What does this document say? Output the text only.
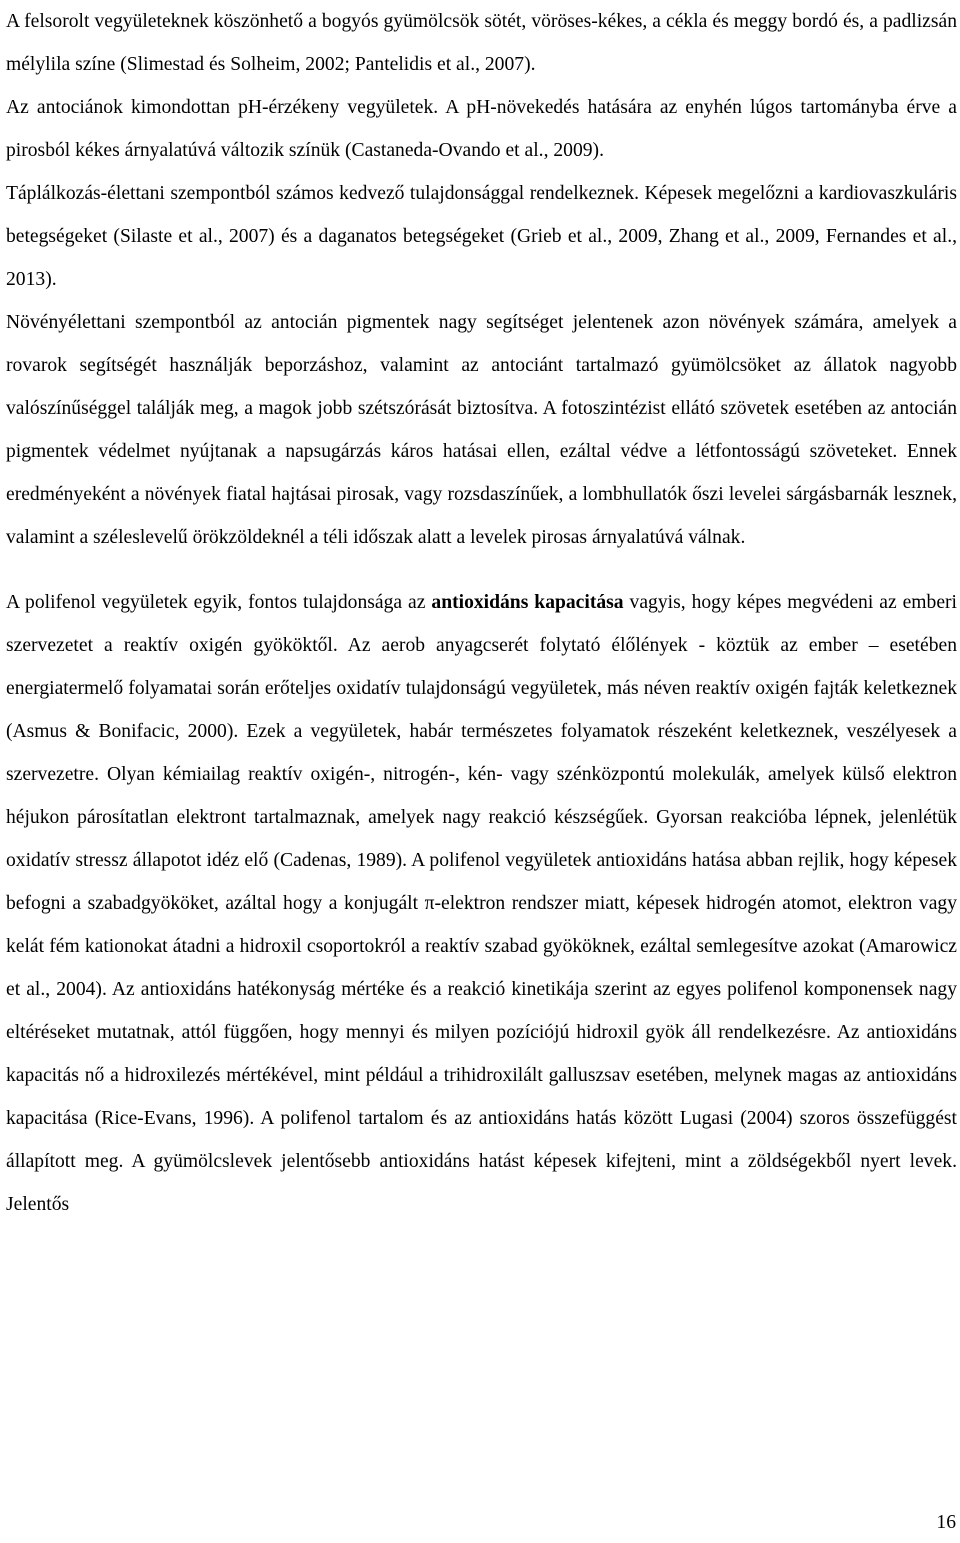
A felsorolt vegyületeknek köszönhető a bogyós gyümölcsök sötét, vöröses-kékes, a cékla és meggy bordó és, a padlizsán mélylila színe (Slimestad és Solheim, 2002; Pantelidis et al., 2007).

Az antociánok kimondottan pH-érzékeny vegyületek. A pH-növekedés hatására az enyhén lúgos tartományba érve a pirosból kékes árnyalatúvá változik színük (Castaneda-Ovando et al., 2009).

Táplálkozás-élettani szempontból számos kedvező tulajdonsággal rendelkeznek. Képesek megelőzni a kardiovaszkuláris betegségeket (Silaste et al., 2007) és a daganatos betegségeket (Grieb et al., 2009, Zhang et al., 2009, Fernandes et al., 2013).

Növényélettani szempontból az antocián pigmentek nagy segítséget jelentenek azon növények számára, amelyek a rovarok segítségét használják beporzáshoz, valamint az antociánt tartalmazó gyümölcsöket az állatok nagyobb valószínűséggel találják meg, a magok jobb szétszórását biztosítva. A fotoszintézist ellátó szövetek esetében az antocián pigmentek védelmet nyújtanak a napsugárzás káros hatásai ellen, ezáltal védve a létfontosságú szöveteket. Ennek eredményeként a növények fiatal hajtásai pirosak, vagy rozsdaszínűek, a lombhullatók őszi levelei sárgásbarnák lesznek, valamint a széleslevelű örökzöldeknél a téli időszak alatt a levelek pirosas árnyalatúvá válnak.

A polifenol vegyületek egyik, fontos tulajdonsága az antioxidáns kapacitása vagyis, hogy képes megvédeni az emberi szervezetet a reaktív oxigén gyököktől. Az aerob anyagcserét folytató élőlények - köztük az ember – esetében energiatermelő folyamatai során erőteljes oxidatív tulajdonságú vegyületek, más néven reaktív oxigén fajták keletkeznek (Asmus & Bonifacic, 2000). Ezek a vegyületek, habár természetes folyamatok részeként keletkeznek, veszélyesek a szervezetre. Olyan kémiailag reaktív oxigén-, nitrogén-, kén- vagy szénközpontú molekulák, amelyek külső elektron héjukon párosítatlan elektront tartalmaznak, amelyek nagy reakció készségűek. Gyorsan reakcióba lépnek, jelenlétük oxidatív stressz állapotot idéz elő (Cadenas, 1989). A polifenol vegyületek antioxidáns hatása abban rejlik, hogy képesek befogni a szabadgyököket, azáltal hogy a konjugált π-elektron rendszer miatt, képesek hidrogén atomot, elektron vagy kelát fém kationokat átadni a hidroxil csoportokról a reaktív szabad gyököknek, ezáltal semlegesítve azokat (Amarowicz et al., 2004). Az antioxidáns hatékonyság mértéke és a reakció kinetikája szerint az egyes polifenol komponensek nagy eltéréseket mutatnak, attól függően, hogy mennyi és milyen pozíciójú hidroxil gyök áll rendelkezésre. Az antioxidáns kapacitás nő a hidroxilezés mértékével, mint például a trihidroxilált galluszsav esetében, melynek magas az antioxidáns kapacitása (Rice-Evans, 1996). A polifenol tartalom és az antioxidáns hatás között Lugasi (2004) szoros összefüggést állapított meg. A gyümölcslevek jelentősebb antioxidáns hatást képesek kifejteni, mint a zöldségekből nyert levek. Jelentős

16
